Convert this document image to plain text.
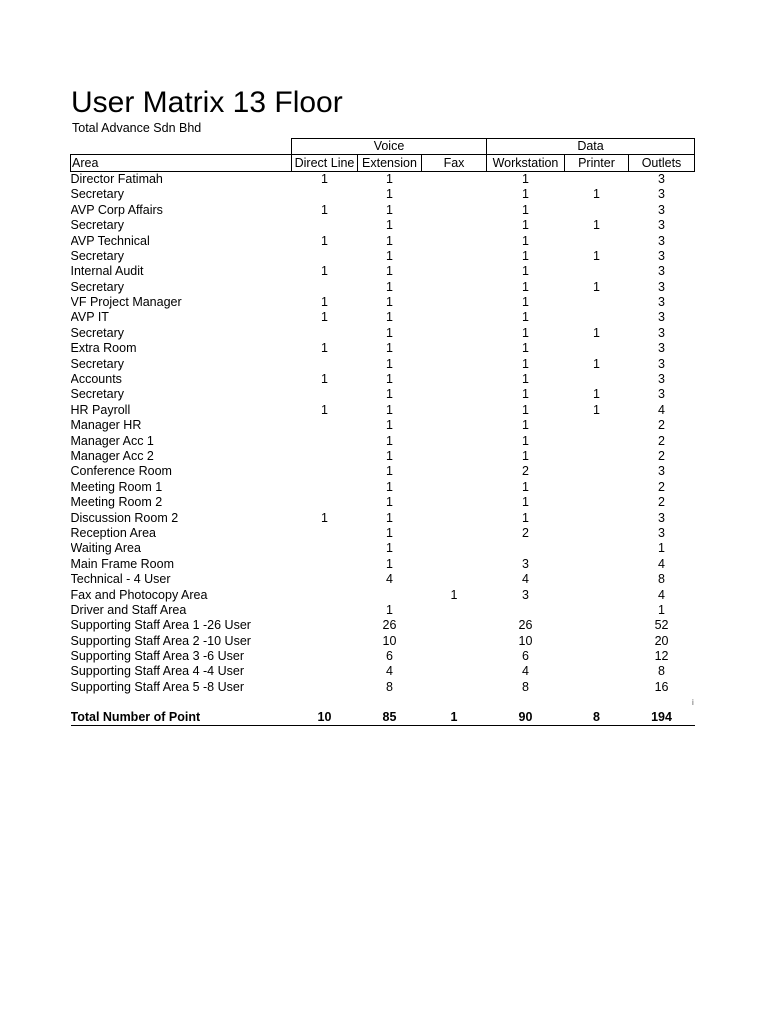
User Matrix 13 Floor
Total Advance Sdn Bhd
	Voice			Data		
Area	Direct Line	Extension	Fax	Workstation	Printer	Outlets
Director Fatimah	1	1		1		3
Secretary		1		1	1	3
AVP Corp Affairs	1	1		1		3
Secretary		1		1	1	3
AVP Technical	1	1		1		3
Secretary		1		1	1	3
Internal Audit	1	1		1		3
Secretary		1		1	1	3
VF Project Manager	1	1		1		3
AVP IT	1	1		1		3
Secretary		1		1	1	3
Extra Room	1	1		1		3
Secretary		1		1	1	3
Accounts	1	1		1		3
Secretary		1		1	1	3
HR Payroll	1	1		1	1	4
Manager HR		1		1		2
Manager Acc 1		1		1		2
Manager Acc 2		1		1		2
Conference Room		1		2		3
Meeting Room 1		1		1		2
Meeting Room 2		1		1		2
Discussion Room 2	1	1		1		3
Reception Area		1		2		3
Waiting Area		1				1
Main Frame Room		1		3		4
Technical - 4 User		4		4		8
Fax and Photocopy Area			1	3		4
Driver and Staff Area		1				1
Supporting Staff Area 1 -26 User		26		26		52
Supporting Staff Area 2 -10 User		10		10		20
Supporting Staff Area 3 -6 User		6		6		12
Supporting Staff Area 4 -4 User		4		4		8
Supporting Staff Area 5 -8 User		8		8		16

Total Number of Point	10	85	1	90	8	194
i
